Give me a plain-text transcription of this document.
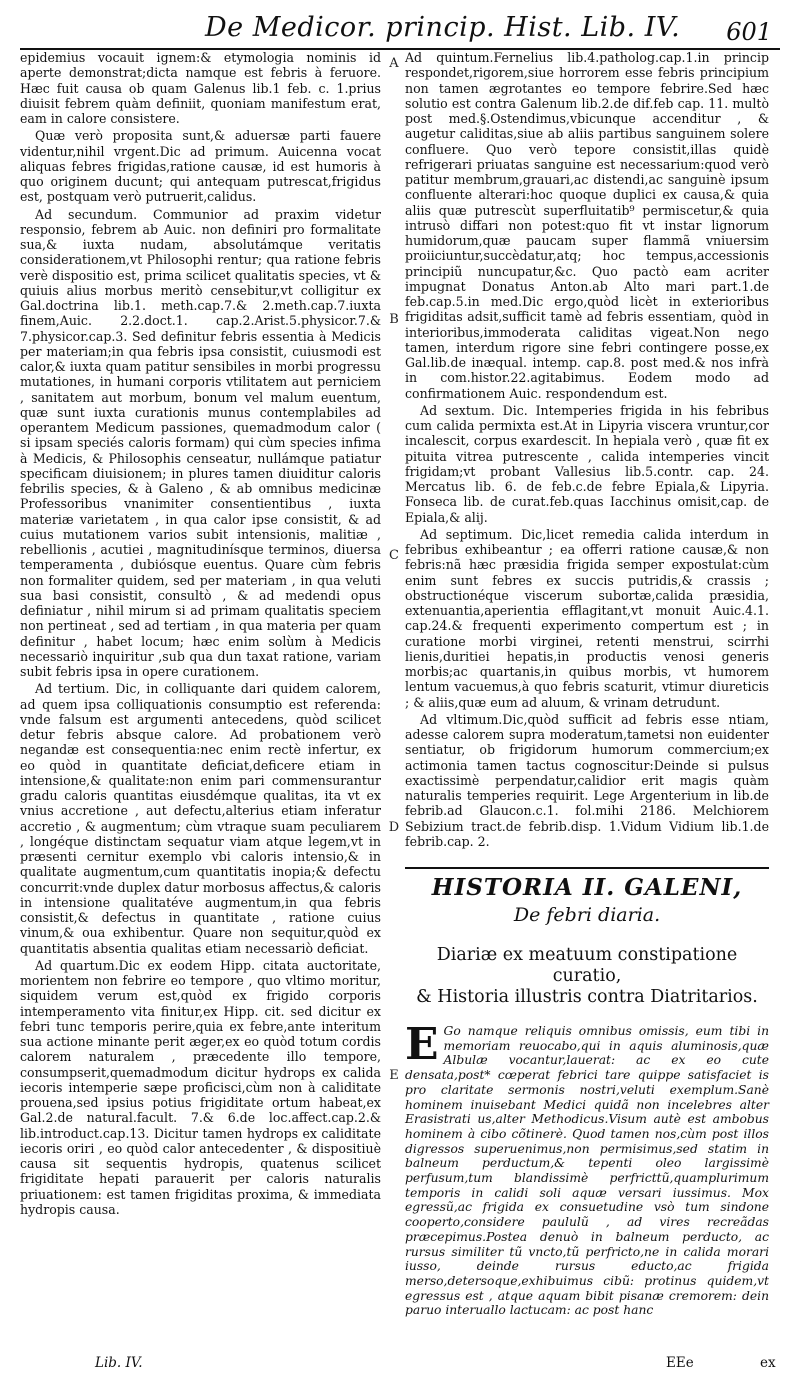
De Medicor. princip. Hist. Lib. IV. 601

epidemius vocauit ignem:& etymologia nominis id aperte demonstrat;dicta namque est febris à feruore. Hæc fuit causa ob quam Galenus lib.1 feb. c. 1.prius diuisit febrem quàm definiit, quoniam manifestum erat, eam in calore consistere.

Quæ verò proposita sunt,& aduersæ parti fauere videntur,nihil vrgent.Dic ad primum. Auicenna vocat aliquas febres frigidas,ratione causæ, id est humoris à quo originem ducunt; qui antequam putrescat,frigidus est, postquam verò putruerit,calidus.

Ad secundum. Communior ad praxim videtur responsio, febrem ab Auic. non definiri pro formalitate sua,& iuxta nudam, absolutámque veritatis considerationem,vt Philosophi rentur; qua ratione febris verè dispositio est, prima scilicet qualitatis species, vt & quiuis alius morbus meritò censebitur,vt colligitur ex Gal.doctrina lib.1. meth.cap.7.& 2.meth.cap.7.iuxta finem,Auic. 2.2.doct.1. cap.2.Arist.5.physicor.7.& 7.physicor.cap.3. Sed definitur febris essentia à Medicis per materiam;in qua febris ipsa consistit, cuiusmodi est calor,& iuxta quam patitur sensibiles in morbi progressu mutationes, in humani corporis vtilitatem aut perniciem , sanitatem aut morbum, bonum vel malum euentum, quæ sunt iuxta curationis munus contemplabiles ad operantem Medicum passiones, quemadmodum calor ( si ipsam speciés caloris formam) qui cùm species infima à Medicis, & Philosophis censeatur, nullámque patiatur specificam diuisionem; in plures tamen diuiditur caloris febrilis species, & à Galeno , & ab omnibus medicinæ Professoribus vnanimiter consentientibus , iuxta materiæ varietatem , in qua calor ipse consistit, & ad cuius mutationem varios subit intensionis, malitiæ , rebellionis , acutiei , magnitudinísque terminos, diuersa temperamenta , dubiósque euentus. Quare cùm febris non formaliter quidem, sed per materiam , in qua veluti sua basi consistit, consultò , & ad medendi opus definiatur , nihil mirum si ad primam qualitatis speciem non pertineat , sed ad tertiam , in qua materia per quam definitur , habet locum; hæc enim solùm à Medicis necessariò inquiritur ,sub qua dun taxat ratione, variam subit febris ipsa in opere curationem.

Ad tertium. Dic, in colliquante dari quidem calorem, ad quem ipsa colliquationis consumptio est referenda: vnde falsum est argumenti antecedens, quòd scilicet detur febris absque calore. Ad probationem verò negandæ est consequentia:nec enim rectè infertur, ex eo quòd in quantitate deficiat,deficere etiam in intensione,& qualitate:non enim pari commensurantur gradu caloris quantitas eiusdémque qualitas, ita vt ex vnius accretione , aut defectu,alterius etiam inferatur accretio , & augmentum; cùm vtraque suam peculiarem , longéque distinctam sequatur viam atque legem,vt in præsenti cernitur exemplo vbi caloris intensio,& in qualitate augmentum,cum quantitatis inopia;& defectu concurrit:vnde duplex datur morbosus affectus,& caloris in intensione qualitatéve augmentum,in qua febris consistit,& defectus in quantitate , ratione cuius vinum,& oua exhibentur. Quare non sequitur,quòd ex quantitatis absentia qualitas etiam necessariò deficiat.

Ad quartum.Dic ex eodem Hipp. citata auctoritate, morientem non febrire eo tempore , quo vltimo moritur, siquidem verum est,quòd ex frigido corporis intemperamento vita finitur,ex Hipp. cit. sed dicitur ex febri tunc temporis perire,quia ex febre,ante interitum sua actione minante perit æger,ex eo quòd totum cordis calorem naturalem , præcedente illo tempore, consumpserit,quemadmodum dicitur hydrops ex calida iecoris intemperie sæpe proficisci,cùm non à caliditate prouena,sed ipsius potius frigiditate ortum habeat,ex Gal.2.de natural.facult. 7.& 6.de loc.affect.cap.2.& lib.introduct.cap.13. Dicitur tamen hydrops ex caliditate iecoris oriri , eo quòd calor antecedenter , & dispositiuè causa sit sequentis hydropis, quatenus scilicet frigiditate hepati parauerit per caloris naturalis priuationem: est tamen frigiditas proxima, & immediata hydropis causa.

A
B
C
D
E

Ad quintum.Fernelius lib.4.patholog.cap.1.in princip respondet,rigorem,siue horrorem esse febris principium non tamen ægrotantes eo tempore febrire.Sed hæc solutio est contra Galenum lib.2.de dif.feb cap. 11. multò post med.§.Ostendimus,vbicunque accenditur , & augetur caliditas,siue ab aliis partibus sanguinem solere confluere. Quo verò tepore consistit,illas quidè refrigerari priuatas sanguine est necessarium:quod verò patitur membrum,grauari,ac distendi,ac sanguinè ipsum confluente alterari:hoc quoque duplici ex causa,& quia aliis quæ putrescùt superfluitatib⁹ permiscetur,& quia intrusò diffari non potest:quo fit vt instar lignorum humidorum,quæ paucam super flammã vniuersim proiiciuntur,succèdatur,atq; hoc tempus,accessionis principiũ nuncupatur,&c. Quo pactò eam acriter impugnat Donatus Anton.ab Alto mari part.1.de feb.cap.5.in med.Dic ergo,quòd licèt in exterioribus frigiditas adsit,sufficit tamè ad febris essentiam, quòd in interioribus,immoderata caliditas vigeat.Non nego tamen, interdum rigore sine febri contingere posse,ex Gal.lib.de inæqual. intemp. cap.8. post med.& nos infrà in com.histor.22.agitabimus. Eodem modo ad confirmationem Auic. respondendum est.

Ad sextum. Dic. Intemperies frigida in his febribus cum calida permixta est.At in Lipyria viscera vruntur,cor incalescit, corpus exardescit. In hepiala verò , quæ fit ex pituita vitrea putrescente , calida intemperies vincit frigidam;vt probant Vallesius lib.5.contr. cap. 24. Mercatus lib. 6. de feb.c.de febre Epiala,& Lipyria. Fonseca lib. de curat.feb.quas Iacchinus omisit,cap. de Epiala,& alij.

Ad septimum. Dic,licet remedia calida interdum in febribus exhibeantur ; ea offerri ratione causæ,& non febris:nã hæc præsidia frigida semper expostulat:cùm enim sunt febres ex succis putridis,& crassis ; obstructionéque viscerum subortæ,calida præsidia, extenuantia,aperientia efflagitant,vt monuit Auic.4.1. cap.24.& frequenti experimento compertum est ; in curatione morbi virginei, retenti menstrui, scirrhi lienis,duritiei hepatis,in productis venosi generis morbis;ac quartanis,in quibus morbis, vt humorem lentum vacuemus,à quo febris scaturit, vtimur diureticis ; & aliis,quæ eum ad aluum, & vrinam detrudunt.

Ad vltimum.Dic,quòd sufficit ad febris esse ntiam, adesse calorem supra moderatum,tametsi non euidenter sentiatur, ob frigidorum humorum commercium;ex actimonia tamen tactus cognoscitur:Deinde si pulsus exactissimè perpendatur,calidior erit magis quàm naturalis temperies requirit. Lege Argenterium in lib.de febrib.ad Glaucon.c.1. fol.mihi 2186. Melchiorem Sebizium tract.de febrib.disp. 1.Vidum Vidium lib.1.de febrib.cap. 2.

HISTORIA II. GALENI,
De febri diaria.
Diariæ ex meatuum constipatione curatio,
& Historia illustris contra Diatritarios.

E Go namque reliquis omnibus omissis, eum tibi in memoriam reuocabo,qui in aquis aluminosis,quæ Albulæ vocantur,lauerat: ac ex eo cute densata,post* cœperat febrici tare quippe satisfaciet is pro claritate sermonis nostri,veluti exemplum.Sanè hominem inuisebant Medici quidã non incelebres alter Erasistrati us,alter Methodicus.Visum autè est ambobus hominem à cibo cõtinerè. Quod tamen nos,cùm post illos digressos superuenimus,non permisimus,sed statim in balneum perductum,& tepenti oleo largissimè perfusum,tum blandissimè perfricttũ,quamplurimum temporis in calidi soli aquæ versari iussimus. Mox egressũ,ac frigida ex consuetudine vsò tum sindone cooperto,considere paululũ , ad vires recreãdas præcepimus.Postea denuò in balneum perducto, ac rursus similiter tũ vncto,tũ perfricto,ne in calida morari iusso, deinde rursus educto,ac frigida merso,detersoque,exhibuimus cibũ: protinus quidem,vt egressus est , atque aquam bibit pisanæ cremorem: dein paruo interuallo lactucam: ac post hanc

Lib. IV.	EEe	ex
